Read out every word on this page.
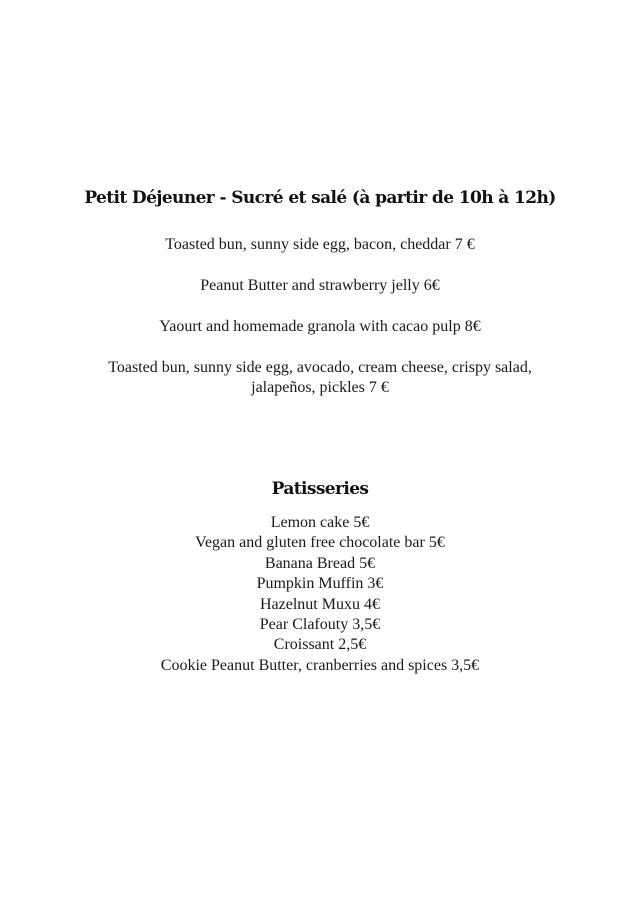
Petit Déjeuner - Sucré et salé (à partir de 10h à 12h)

Toasted bun, sunny side egg, bacon, cheddar 7 €

Peanut Butter and strawberry jelly 6€

Yaourt and homemade granola with cacao pulp 8€

Toasted bun, sunny side egg, avocado, cream cheese, crispy salad,
jalapeños, pickles 7 €

Patisseries
Lemon cake 5€
Vegan and gluten free chocolate bar 5€
Banana Bread 5€
Pumpkin Muffin 3€
Hazelnut Muxu 4€
Pear Clafouty 3,5€
Croissant 2,5€
Cookie Peanut Butter, cranberries and spices 3,5€
